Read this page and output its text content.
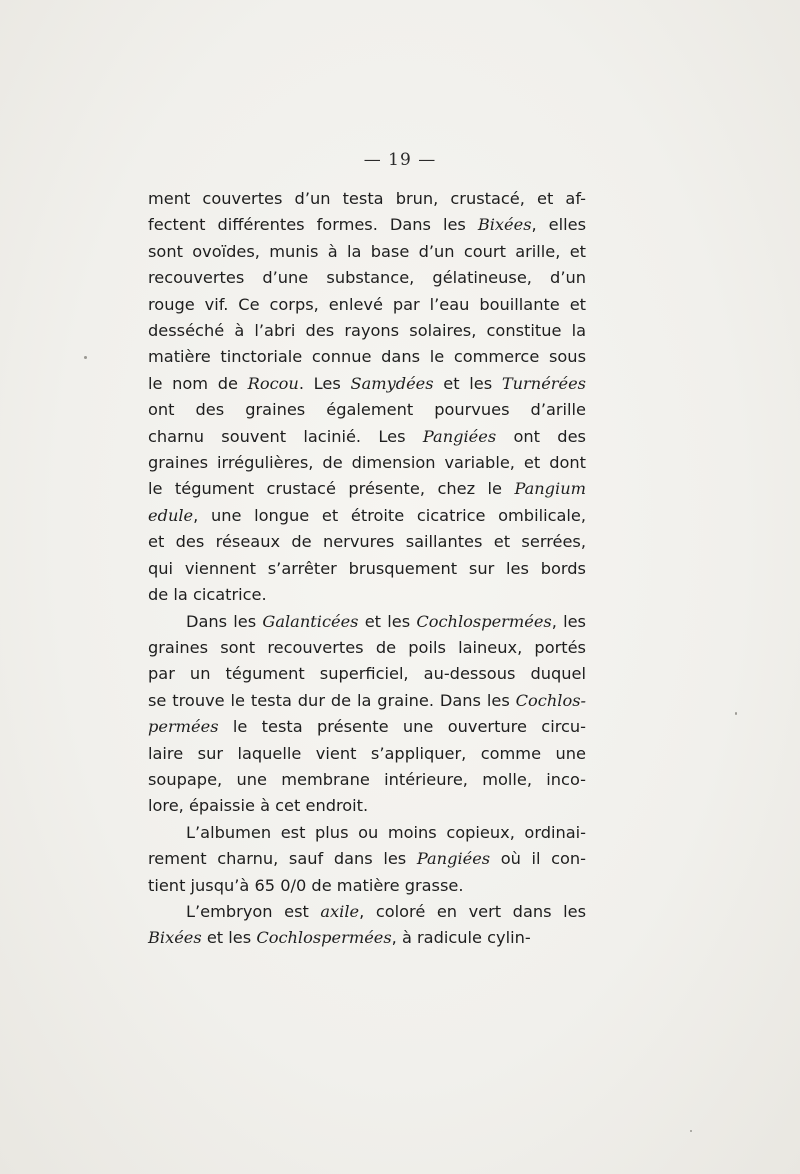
— 19 —

ment couvertes d’un testa brun, crustacé, et af-
fectent différentes formes. Dans les Bixées, elles
sont ovoïdes, munis à la base d’un court arille, et
recouvertes d’une substance, gélatineuse, d’un
rouge vif. Ce corps, enlevé par l’eau bouillante et
desséché à l’abri des rayons solaires, constitue la
matière tinctoriale connue dans le commerce sous
le nom de Rocou. Les Samydées et les Turnérées
ont des graines également pourvues d’arille
charnu souvent lacinié. Les Pangiées ont des
graines irrégulières, de dimension variable, et dont
le tégument crustacé présente, chez le Pangium
edule, une longue et étroite cicatrice ombilicale,
et des réseaux de nervures saillantes et serrées,
qui viennent s’arrêter brusquement sur les bords
de la cicatrice.

Dans les Galanticées et les Cochlospermées, les
graines sont recouvertes de poils laineux, portés
par un tégument superficiel, au-dessous duquel
se trouve le testa dur de la graine. Dans les Cochlos-
permées le testa présente une ouverture circu-
laire sur laquelle vient s’appliquer, comme une
soupape, une membrane intérieure, molle, inco-
lore, épaissie à cet endroit.

L’albumen est plus ou moins copieux, ordinai-
rement charnu, sauf dans les Pangiées où il con-
tient jusqu’à 65 0/0 de matière grasse.

L’embryon est axile, coloré en vert dans les
Bixées et les Cochlospermées, à radicule cylin-
